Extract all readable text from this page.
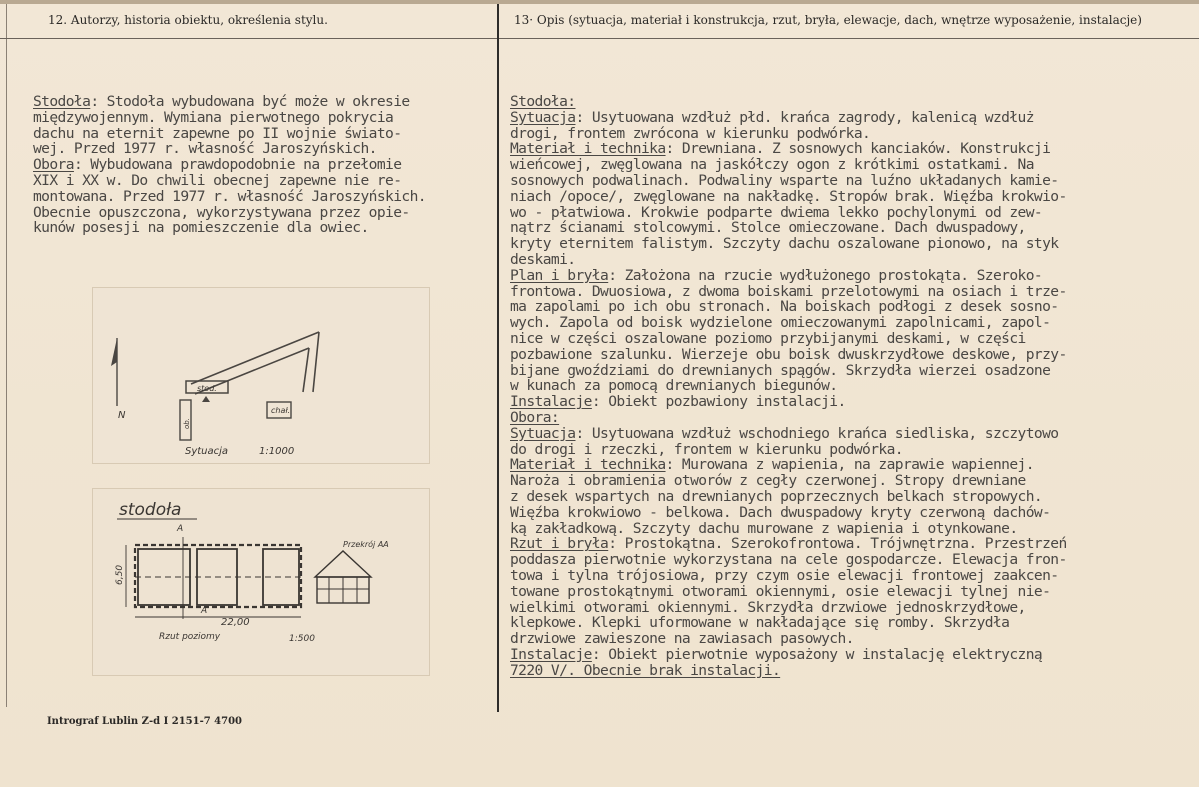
12. Autorzy, historia obiektu, określenia stylu.	13· Opis (sytuacja, materiał i konstrukcja, rzut, bryła, elewacje, dach, wnętrze wyposażenie, instalacje)
Stodoła: Stodoła wybudowana być może w okresie
międzywojennym. Wymiana pierwotnego pokrycia
dachu na eternit zapewne po II wojnie świato-
wej. Przed 1977 r. własność Jaroszyńskich.
Obora: Wybudowana prawdopodobnie na przełomie
XIX i XX w. Do chwili obecnej zapewne nie re-
montowana. Przed 1977 r. własność Jaroszyńskich.
Obecnie opuszczona, wykorzystywana przez opie-
kunów posesji na pomieszczenie dla owiec.
Stodoła:
Sytuacja: Usytuowana wzdłuż płd. krańca zagrody, kalenicą wzdłuż
drogi, frontem zwrócona w kierunku podwórka.
Materiał i technika: Drewniana. Z sosnowych kanciaków. Konstrukcji
wieńcowej, zwęglowana na jaskółczy ogon z krótkimi ostatkami. Na
sosnowych podwalinach. Podwaliny wsparte na luźno układanych kamie-
niach /opoce/, zwęglowane na nakładkę. Stropów brak. Więźba krokwio-
wo - płatwiowa. Krokwie podparte dwiema lekko pochylonymi od zew-
nątrz ścianami stolcowymi. Stolce omieczowane. Dach dwuspadowy,
kryty eternitem falistym. Szczyty dachu oszalowane pionowo, na styk
deskami.
Plan i bryła: Założona na rzucie wydłużonego prostokąta. Szeroko-
frontowa. Dwuosiowa, z dwoma boiskami przelotowymi na osiach i trze-
ma zapolami po ich obu stronach. Na boiskach podłogi z desek sosno-
wych. Zapola od boisk wydzielone omieczowanymi zapolnicami, zapol-
nice w części oszalowane poziomo przybijanymi deskami, w części
pozbawione szalunku. Wierzeje obu boisk dwuskrzydłowe deskowe, przy-
bijane gwoździami do drewnianych spągów. Skrzydła wierzei osadzone
w kunach za pomocą drewnianych biegunów.
Instalacje: Obiekt pozbawiony instalacji.
Obora:
Sytuacja: Usytuowana wzdłuż wschodniego krańca siedliska, szczytowo
do drogi i rzeczki, frontem w kierunku podwórka.
Materiał i technika: Murowana z wapienia, na zaprawie wapiennej.
Naroża i obramienia otworów z cegły czerwonej. Stropy drewniane
z desek wspartych na drewnianych poprzecznych belkach stropowych.
Więźba krokwiowo - belkowa. Dach dwuspadowy kryty czerwoną dachów-
ką zakładkową. Szczyty dachu murowane z wapienia i otynkowane.
Rzut i bryła: Prostokątna. Szerokofrontowa. Trójwnętrzna. Przestrzeń
poddasza pierwotnie wykorzystana na cele gospodarcze. Elewacja fron-
towa i tylna trójosiowa, przy czym osie elewacji frontowej zaakcen-
towane prostokątnymi otworami okiennymi, osie elewacji tylnej nie-
wielkimi otworami okiennymi. Skrzydła drzwiowe jednoskrzydłowe,
klepkowe. Klepki uformowane w nakładające się romby. Skrzydła
drzwiowe zawieszone na zawiasach pasowych.
Instalacje: Obiekt pierwotnie wyposażony w instalację elektryczną
7220 V/. Obecnie brak instalacji.
N
stod.
ob.
chał.
Sytuacja	1:1000
stodoła
A
A
6,50
22,00
Przekrój AA
Rzut poziomy	1:500
Intrograf Lublin Z-d I 2151-7 4700
